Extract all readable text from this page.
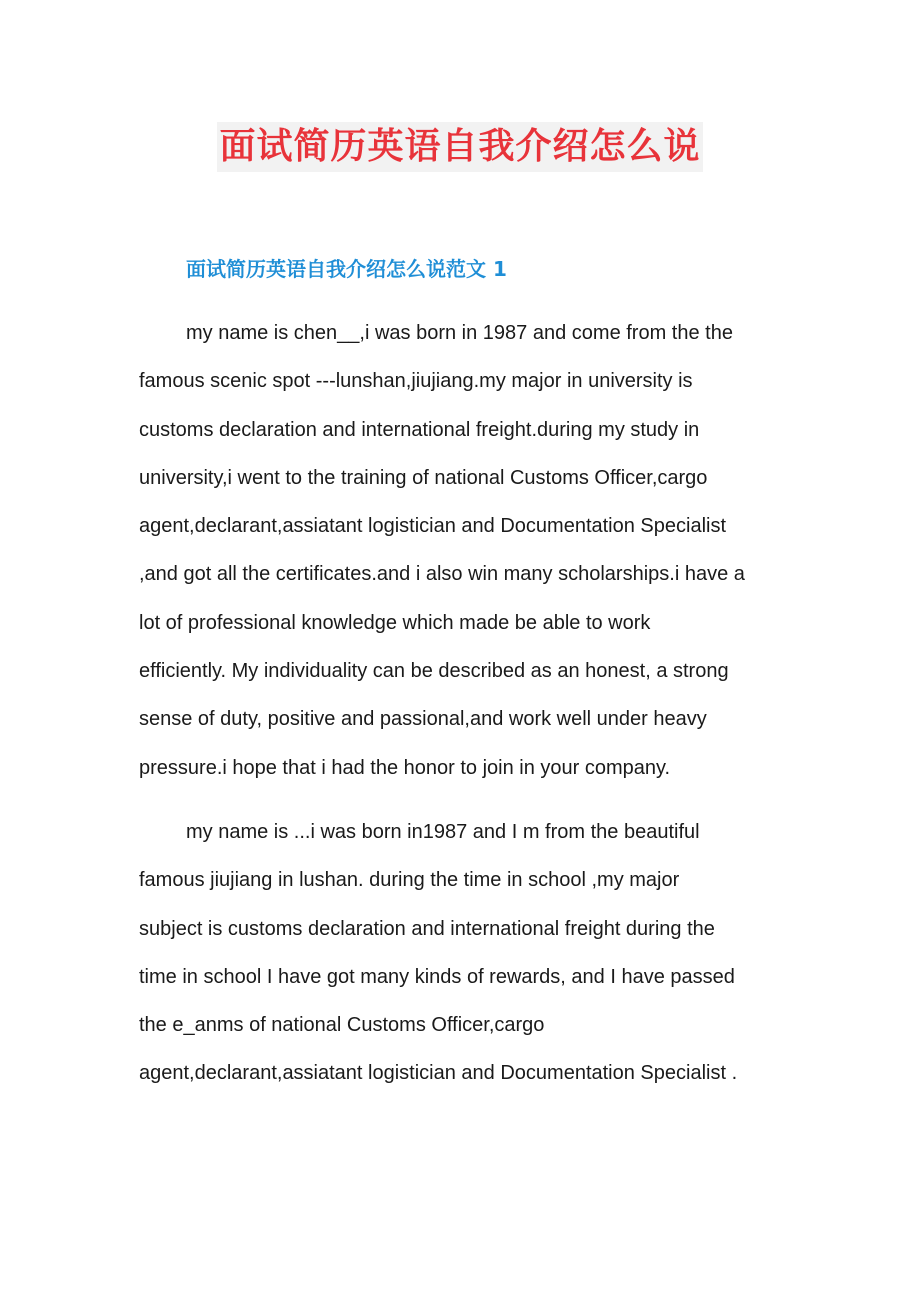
面试简历英语自我介绍怎么说
面试简历英语自我介绍怎么说范文 1
my name is chen__,i was born in 1987 and come from the the
famous scenic spot ---lunshan,jiujiang.my major in university is
customs declaration and international freight.during my study in
university,i went to the training of national Customs Officer,cargo
agent,declarant,assiatant logistician and Documentation Specialist
,and got all the certificates.and i also win many scholarships.i have a
lot of professional knowledge which made be able to work
efficiently. My individuality can be described as an honest, a strong
sense of duty, positive and passional,and work well under heavy
pressure.i hope that i had the honor to join in your company.
my name is ...i was born in1987 and I m from the beautiful
famous jiujiang in lushan. during the time in school ,my major
subject is customs declaration and international freight during the
time in school I have got many kinds of rewards, and I have passed
the e_anms of national Customs Officer,cargo
agent,declarant,assiatant logistician and Documentation Specialist .
